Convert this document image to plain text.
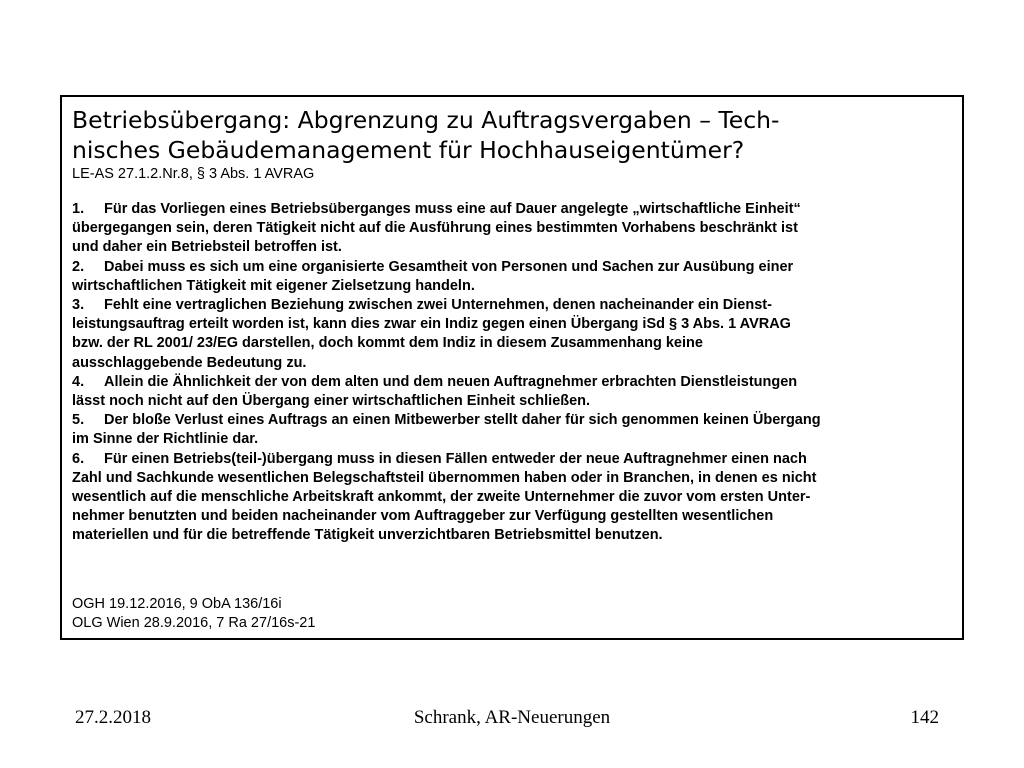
Betriebsübergang: Abgrenzung zu Auftragsvergaben – Tech-
nisches Gebäudemanagement für Hochhauseigentümer?

LE-AS 27.1.2.Nr.8, § 3 Abs. 1 AVRAG

1. Für das Vorliegen eines Betriebsüberganges muss eine auf Dauer angelegte „wirtschaftliche Einheit“
übergegangen sein, deren Tätigkeit nicht auf die Ausführung eines bestimmten Vorhabens beschränkt ist
und daher ein Betriebsteil betroffen ist.
2. Dabei muss es sich um eine organisierte Gesamtheit von Personen und Sachen zur Ausübung einer
wirtschaftlichen Tätigkeit mit eigener Zielsetzung handeln.
3. Fehlt eine vertraglichen Beziehung zwischen zwei Unternehmen, denen nacheinander ein Dienst-
leistungsauftrag erteilt worden ist, kann dies zwar ein Indiz gegen einen Übergang iSd § 3 Abs. 1 AVRAG
bzw. der RL 2001/ 23/EG darstellen, doch kommt dem Indiz in diesem Zusammenhang keine
ausschlaggebende Bedeutung zu.
4. Allein die Ähnlichkeit der von dem alten und dem neuen Auftragnehmer erbrachten Dienstleistungen
lässt noch nicht auf den Übergang einer wirtschaftlichen Einheit schließen.
5. Der bloße Verlust eines Auftrags an einen Mitbewerber stellt daher für sich genommen keinen Übergang
im Sinne der Richtlinie dar.
6. Für einen Betriebs(teil-)übergang muss in diesen Fällen entweder der neue Auftragnehmer einen nach
Zahl und Sachkunde wesentlichen Belegschaftsteil übernommen haben oder in Branchen, in denen es nicht
wesentlich auf die menschliche Arbeitskraft ankommt, der zweite Unternehmer die zuvor vom ersten Unter-
nehmer benutzten und beiden nacheinander vom Auftraggeber zur Verfügung gestellten wesentlichen
materiellen und für die betreffende Tätigkeit unverzichtbaren Betriebsmittel benutzen.

OGH 19.12.2016, 9 ObA 136/16i

OLG Wien 28.9.2016, 7 Ra 27/16s-21

27.2.2018	Schrank, AR-Neuerungen	142
